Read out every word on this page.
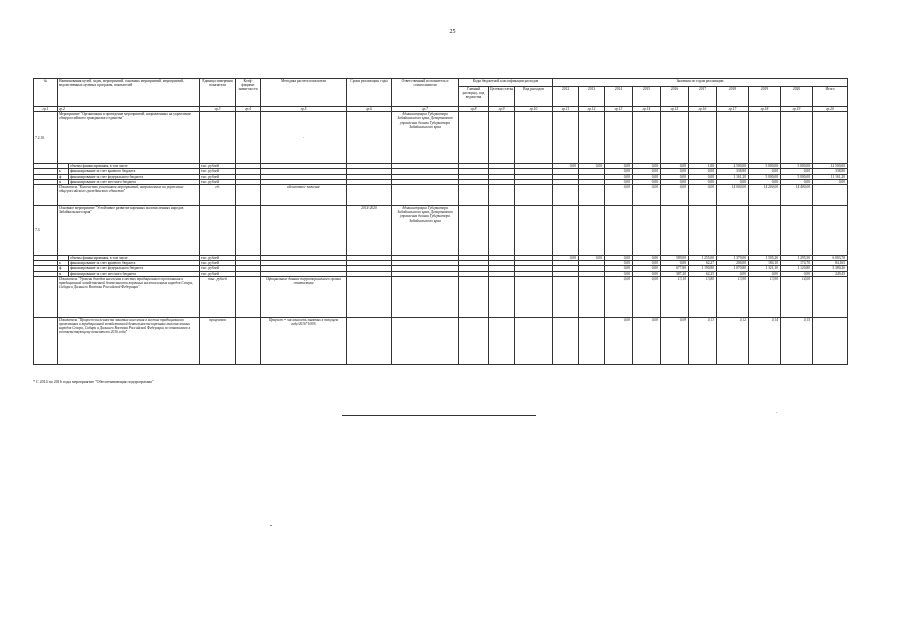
25
№	Наименования целей, задач, мероприятий, основных мероприятий, мероприятий, ведомственных целевых программ, показателей		Единица измерения показателя	Коэф-фициент значи-мости	Методика расчета показателя	Сроки реализации, годы	Ответственный исполнитель и соисполнители	Коды бюджетной классификации расходов			Значения по годам реализации									
								Главный распоряд., код ведомства	Целевая статья	Вид расходов	2012	2013	2014	2015	2016	2017	2018	2019	2020	Итого
гр.1	гр.2		гр.3	гр.4	гр.5	гр.6	гр.7	гр.8	гр.9	гр.10	гр.11	гр.12	гр.13	гр.14	гр.15	гр.16	гр.17	гр.18	гр.19	гр.20
7.2.10.	Мероприятие "Организация и проведение мероприятий, направленных на укрепление общероссийского гражданского единства"				-		Администрация Губернатора Забайкальского края, Департамент управления делами Губернатора Забайкальского края													
		объемы финансирования, в том числе	тыс. рублей								0,00	0,00	0,00	0,00	0,00	1,00	2 500,00	5 000,00	5 000,00	12 500,00
	к	финансирование за счет краевого бюджета	тыс. рублей										0,00	0,00	0,00	0,00	338,80	0,00	0,00	338,80
	ф	финансирование за счет федерального бюджета	тыс. рублей										0,00	0,00	0,00	0,00	1 161,20	5 000,00	5 000,00	11 161,20
	м	финансирование за счет местного бюджета	тыс. рублей										0,00	0,00	0,00	0,00	0,00	0,00	0,00	0,00
	Показатель "Количество участников мероприятий, направленных на укрепление общероссийского гражданского единства"		ед.		абсолютное значение								0,00	0,00	0,00	0,00	14 000,00	14 200,00	14 400,00	
7.3.	Основное мероприятие "Устойчивое развитие коренных малочисленных народов Забайкальского края"					2014-2020	Администрация Губернатора Забайкальского края, Департамент управления делами Губернатора Забайкальского края													
		объемы финансирования, в том числе	тыс. рублей								0,00	0,00	0,00	0,00	589,00	1 255,00	1 379,00	1 505,20	1 295,50	6 003,70
	к	финансирование за счет краевого бюджета	тыс. рублей										0,00	0,00	0,00	62,27	200,00	184,10	174,70	84,165
	ф	финансирование за счет федерального бюджета	тыс. рублей										0,00	0,00	677,80	1 190,80	1 070,80	1 321,10	1 120,80	5 380,20
	м	финансирование за счет местного бюджета	тыс. рублей										0,00	0,00	387,20	62,25	0,00	0,00	0,00	249,45
	Показатель "Уровень доходов населения в местах традиционного проживания и традиционной хозяйственной деятельности коренных малочисленных народов Севера, Сибири и Дальнего Востока Российской Федерации"		тыс. рублей		Официальные данные территориального органа статистики								0,00	0,00	13,10	13,80	13,90	13,90	14,00	
	Показатель "Прирост численности занятых населения в местах традиционного проживания и традиционной хозяйственной деятельности коренных малочисленных народов Севера, Сибири и Дальнего Востока Российской Федерации по отношению к соответствующему показателю 2016 года"		процентов		Прирост = численность занятых в текущем году/2016*100%								0,00	0,00	0,09	0,13	0,12	0,14	0,15	
* С 2014 по 2016 годы мероприятие "Обеспечивающая подпрограмма"
-
